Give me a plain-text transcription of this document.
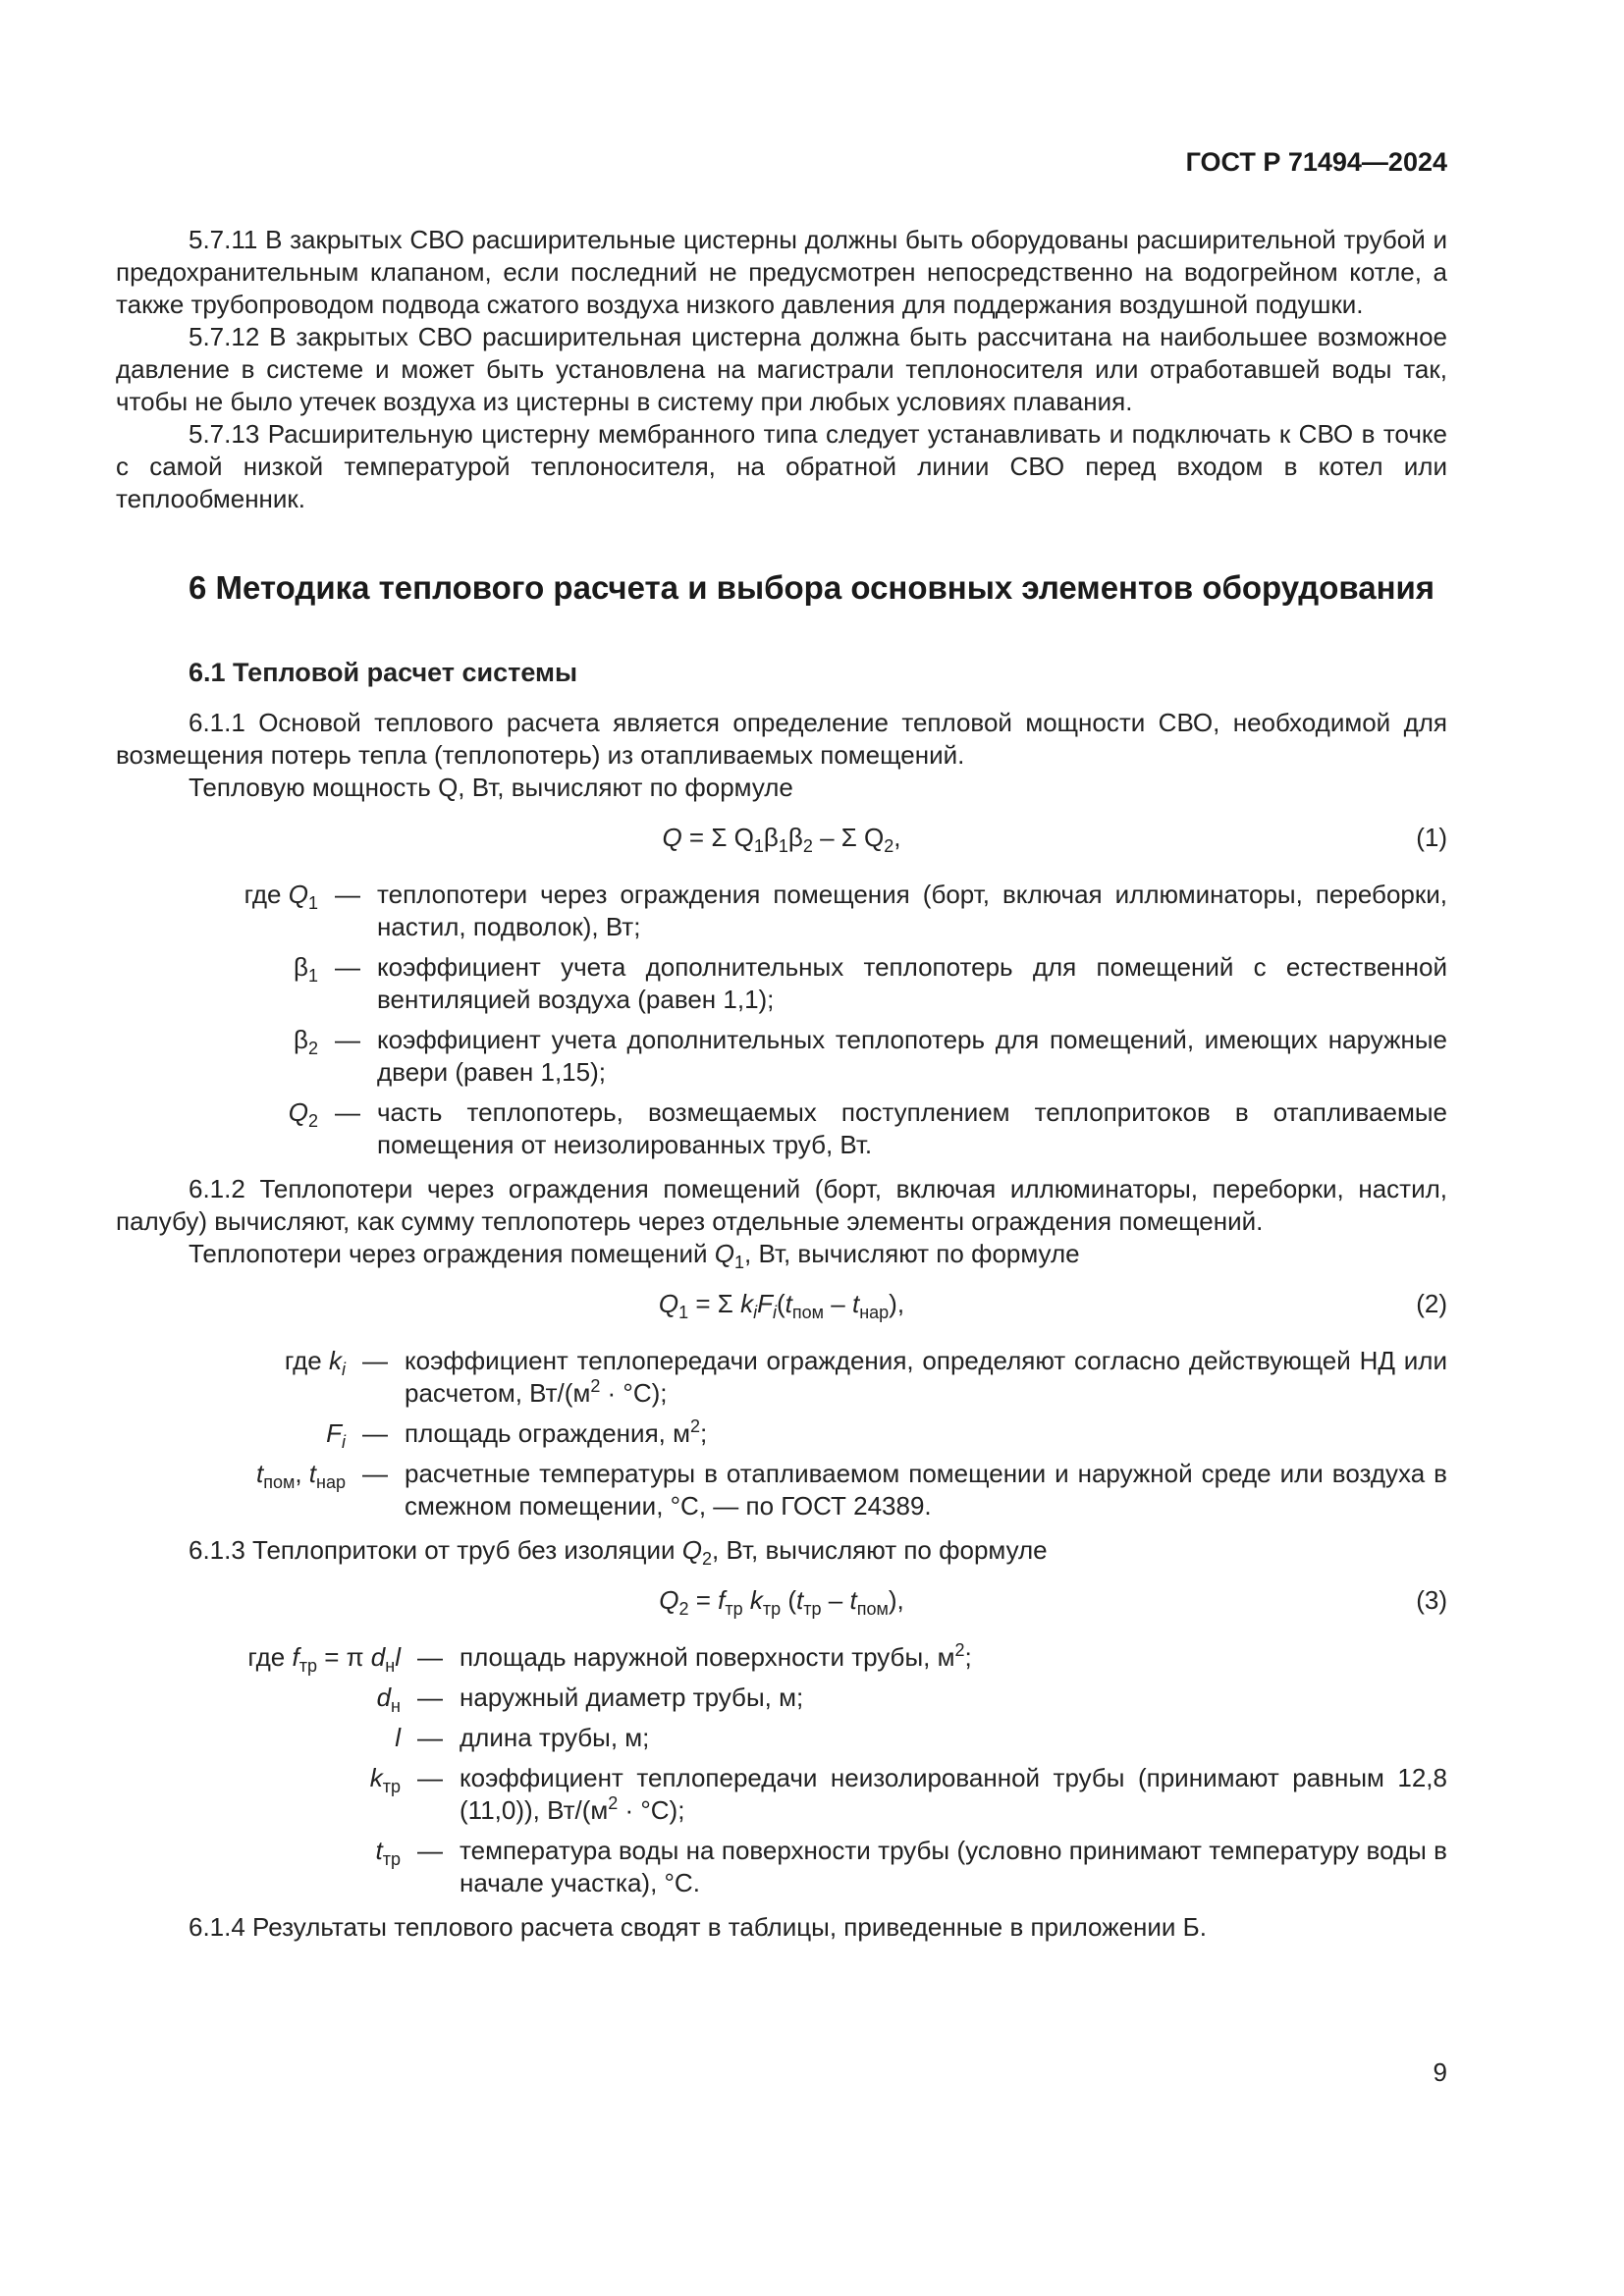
ГОСТ Р 71494—2024

5.7.11 В закрытых СВО расширительные цистерны должны быть оборудованы расширительной трубой и предохранительным клапаном, если последний не предусмотрен непосредственно на водогрейном котле, а также трубопроводом подвода сжатого воздуха низкого давления для поддержания воздушной подушки.

5.7.12 В закрытых СВО расширительная цистерна должна быть рассчитана на наибольшее возможное давление в системе и может быть установлена на магистрали теплоносителя или отработавшей воды так, чтобы не было утечек воздуха из цистерны в систему при любых условиях плавания.

5.7.13 Расширительную цистерну мембранного типа следует устанавливать и подключать к СВО в точке с самой низкой температурой теплоносителя, на обратной линии СВО перед входом в котел или теплообменник.

6 Методика теплового расчета и выбора основных элементов оборудования
6.1 Тепловой расчет системы

6.1.1 Основой теплового расчета является определение тепловой мощности СВО, необходимой для возмещения потерь тепла (теплопотерь) из отапливаемых помещений.

Тепловую мощность Q, Вт, вычисляют по формуле

Q = Σ $Q_1\beta_1\beta_2$ – Σ $Q_2$,	(1)
где $Q_1$ — теплопотери через ограждения помещения (борт, включая иллюминаторы, переборки, настил, подволок), Вт;
$\beta_1$ — коэффициент учета дополнительных теплопотерь для помещений с естественной вентиляцией воздуха (равен 1,1);
$\beta_2$ — коэффициент учета дополнительных теплопотерь для помещений, имеющих наружные двери (равен 1,15);
$Q_2$ — часть теплопотерь, возмещаемых поступлением теплопритоков в отапливаемые помещения от неизолированных труб, Вт.

6.1.2 Теплопотери через ограждения помещений (борт, включая иллюминаторы, переборки, настил, палубу) вычисляют, как сумму теплопотерь через отдельные элементы ограждения помещений.

Теплопотери через ограждения помещений $Q_1$, Вт, вычисляют по формуле

$Q_1 = \Sigma$ $k_iF_i(t_{пом} - t_{нар})$,	(2)
где $k_i$ — коэффициент теплопередачи ограждения, определяют согласно действующей НД или расчетом, $Вт/(м^2 \cdot ^\circ С)$;
$F_i$ — площадь ограждения, $м^2$;
$t_{пом}$, $t_{нар}$ — расчетные температуры в отапливаемом помещении и наружной среде или воздуха в смежном помещении, °С, — по ГОСТ 24389.

6.1.3 Теплопритоки от труб без изоляции $Q_2$, Вт, вычисляют по формуле

$Q_2 = f_{тр}$ $k_{тр}$ $(t_{тр} - t_{пом})$,	(3)
где $f_{тр} = \pi$ $d_нl$ — площадь наружной поверхности трубы, $м^2$;
$d_н$ — наружный диаметр трубы, м;
l — длина трубы, м;
$k_{тр}$ — коэффициент теплопередачи неизолированной трубы (принимают равным 12,8 (11,0)), $Вт/(м^2 \cdot ^\circ С)$;
$t_{тр}$ — температура воды на поверхности трубы (условно принимают температуру воды в начале участка), °С.

6.1.4 Результаты теплового расчета сводят в таблицы, приведенные в приложении Б.

9
